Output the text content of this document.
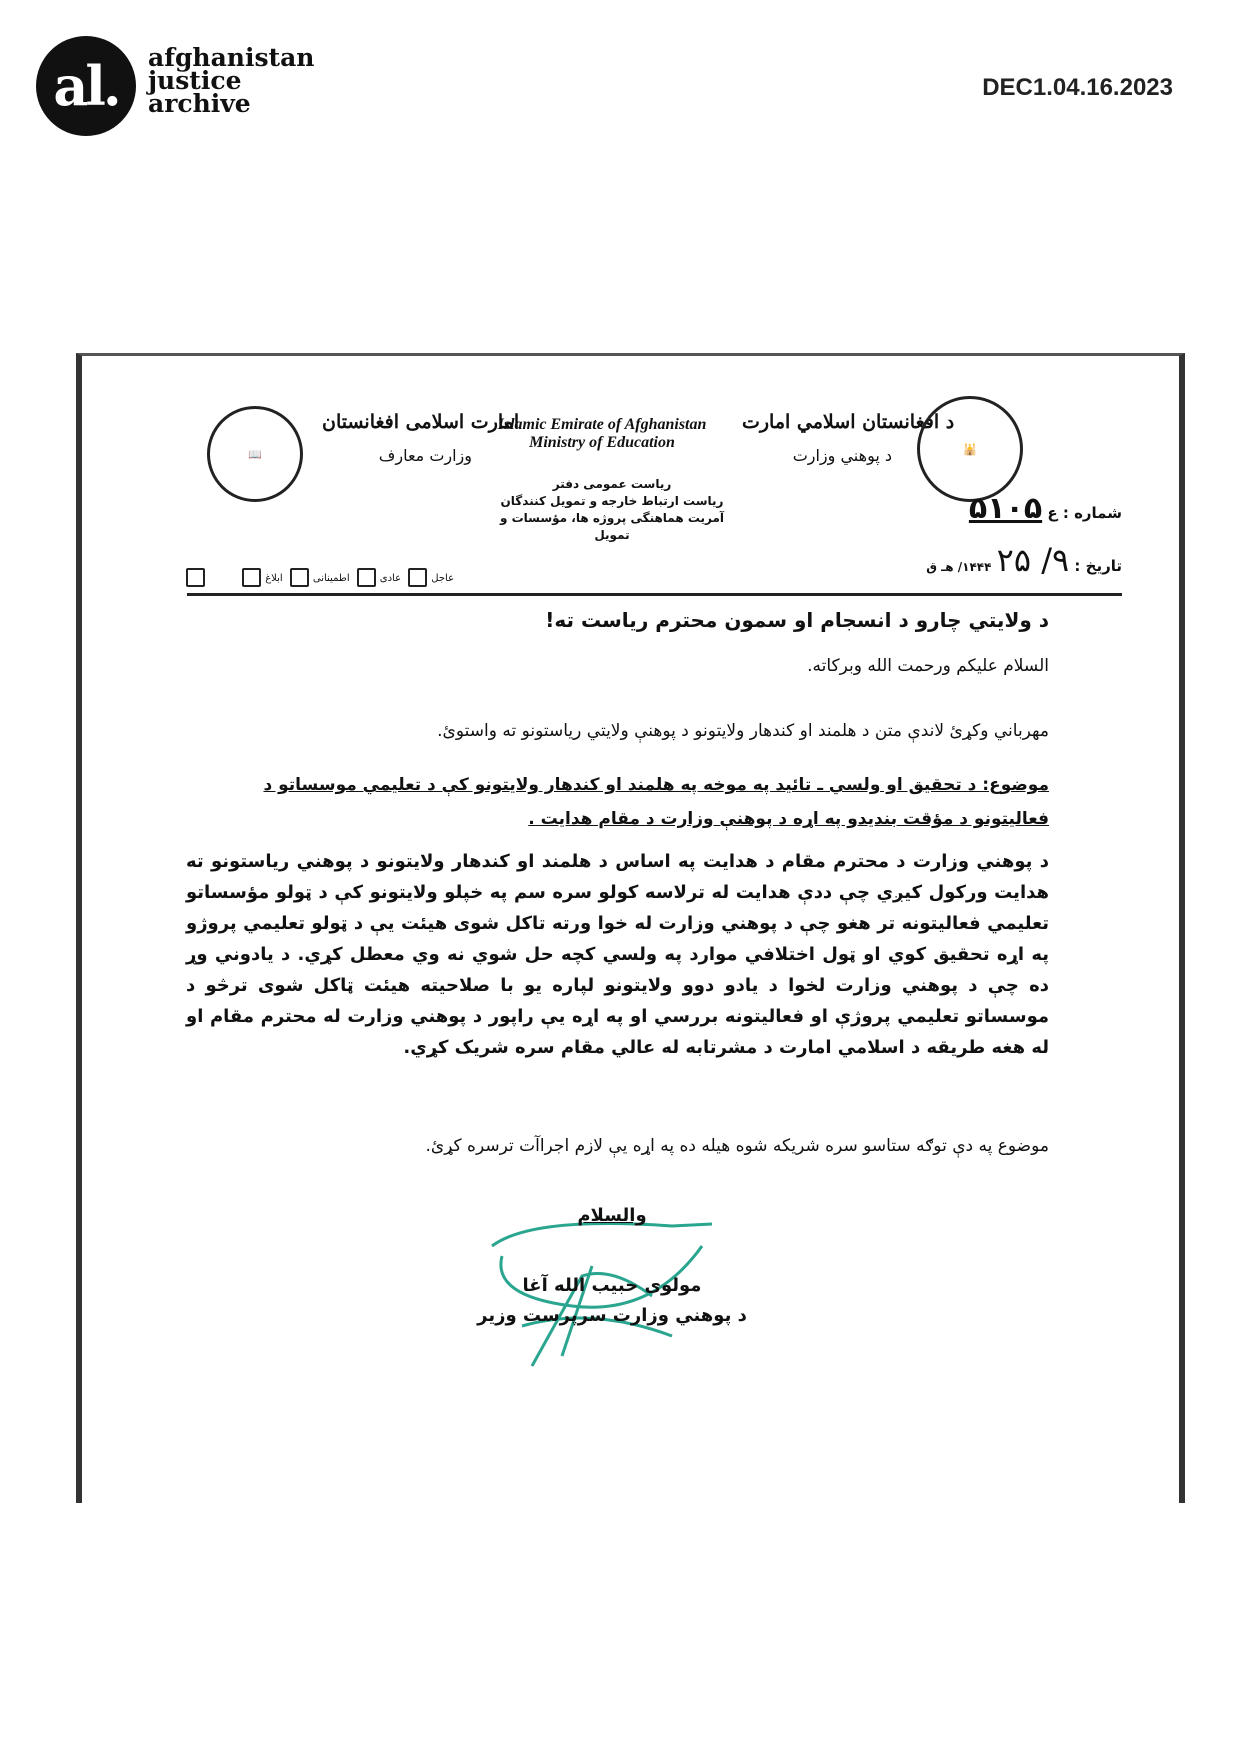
al. afghanistan
justice
archive
DEC1.04.16.2023
📖
امارت اسلامی افغانستان
وزارت معارف
Islamic Emirate of Afghanistan
Ministry of Education
ریاست عمومی دفتر
ریاست ارتباط خارجه و تمویل کنندگان
آمریت هماهنگی پروژه ها، مؤسسات و تمویل
د افغانستان اسلامي امارت
د پوهني وزارت	🕌
شماره : ع ۵۱۰۵
تاریخ : ۹/ ۲۵ ۱۴۴۴/ هـ ق
عاجل عادی اطمینانی ابلاغ
د ولایتي چارو د انسجام او سمون محترم ریاست ته!
السلام علیکم ورحمت الله وبرکاته.
مهرباني وکړئ لاندې متن د هلمند او کندهار ولایتونو د پوهنې ولایتي ریاستونو ته واستوئ.
موضوع: د تحقیق او ولسي ـ تائید په موخه په هلمند او کندهار ولایتونو کې د تعلیمي موسساتو د فعالیتونو د مؤقت بندیدو په اړه د پوهنې وزارت د مقام هدایت .
د پوهني وزارت د محترم مقام د هدایت په اساس د هلمند او کندهار ولایتونو د پوهني ریاستونو ته هدایت ورکول کیږي چې ددې هدایت له ترلاسه کولو سره سم په خپلو ولایتونو کې د ټولو مؤسساتو تعلیمي فعالیتونه تر هغو چې د پوهني وزارت له خوا ورته تاکل شوی هیئت یې د ټولو تعلیمي پروژو په اړه تحقیق کوي او ټول اختلافي موارد په ولسي کچه حل شوي نه وي معطل کړي. د یادوني وړ ده چې د پوهني وزارت لخوا د یادو دوو ولایتونو لپاره یو با صلاحیته هیئت ټاکل شوی ترڅو د موسساتو تعلیمي پروژې او فعالیتونه بررسي او په اړه یې راپور د پوهني وزارت له محترم مقام او له هغه طریقه د اسلامي امارت د مشرتابه له عالي مقام سره شریک کړي.
موضوع په دې توګه ستاسو سره شریکه شوه هیله ده په اړه یې لازم اجراآت ترسره کړئ.
والسلام
مولوی حبیب الله آغا
د پوهني وزارت سرپرست وزیر
